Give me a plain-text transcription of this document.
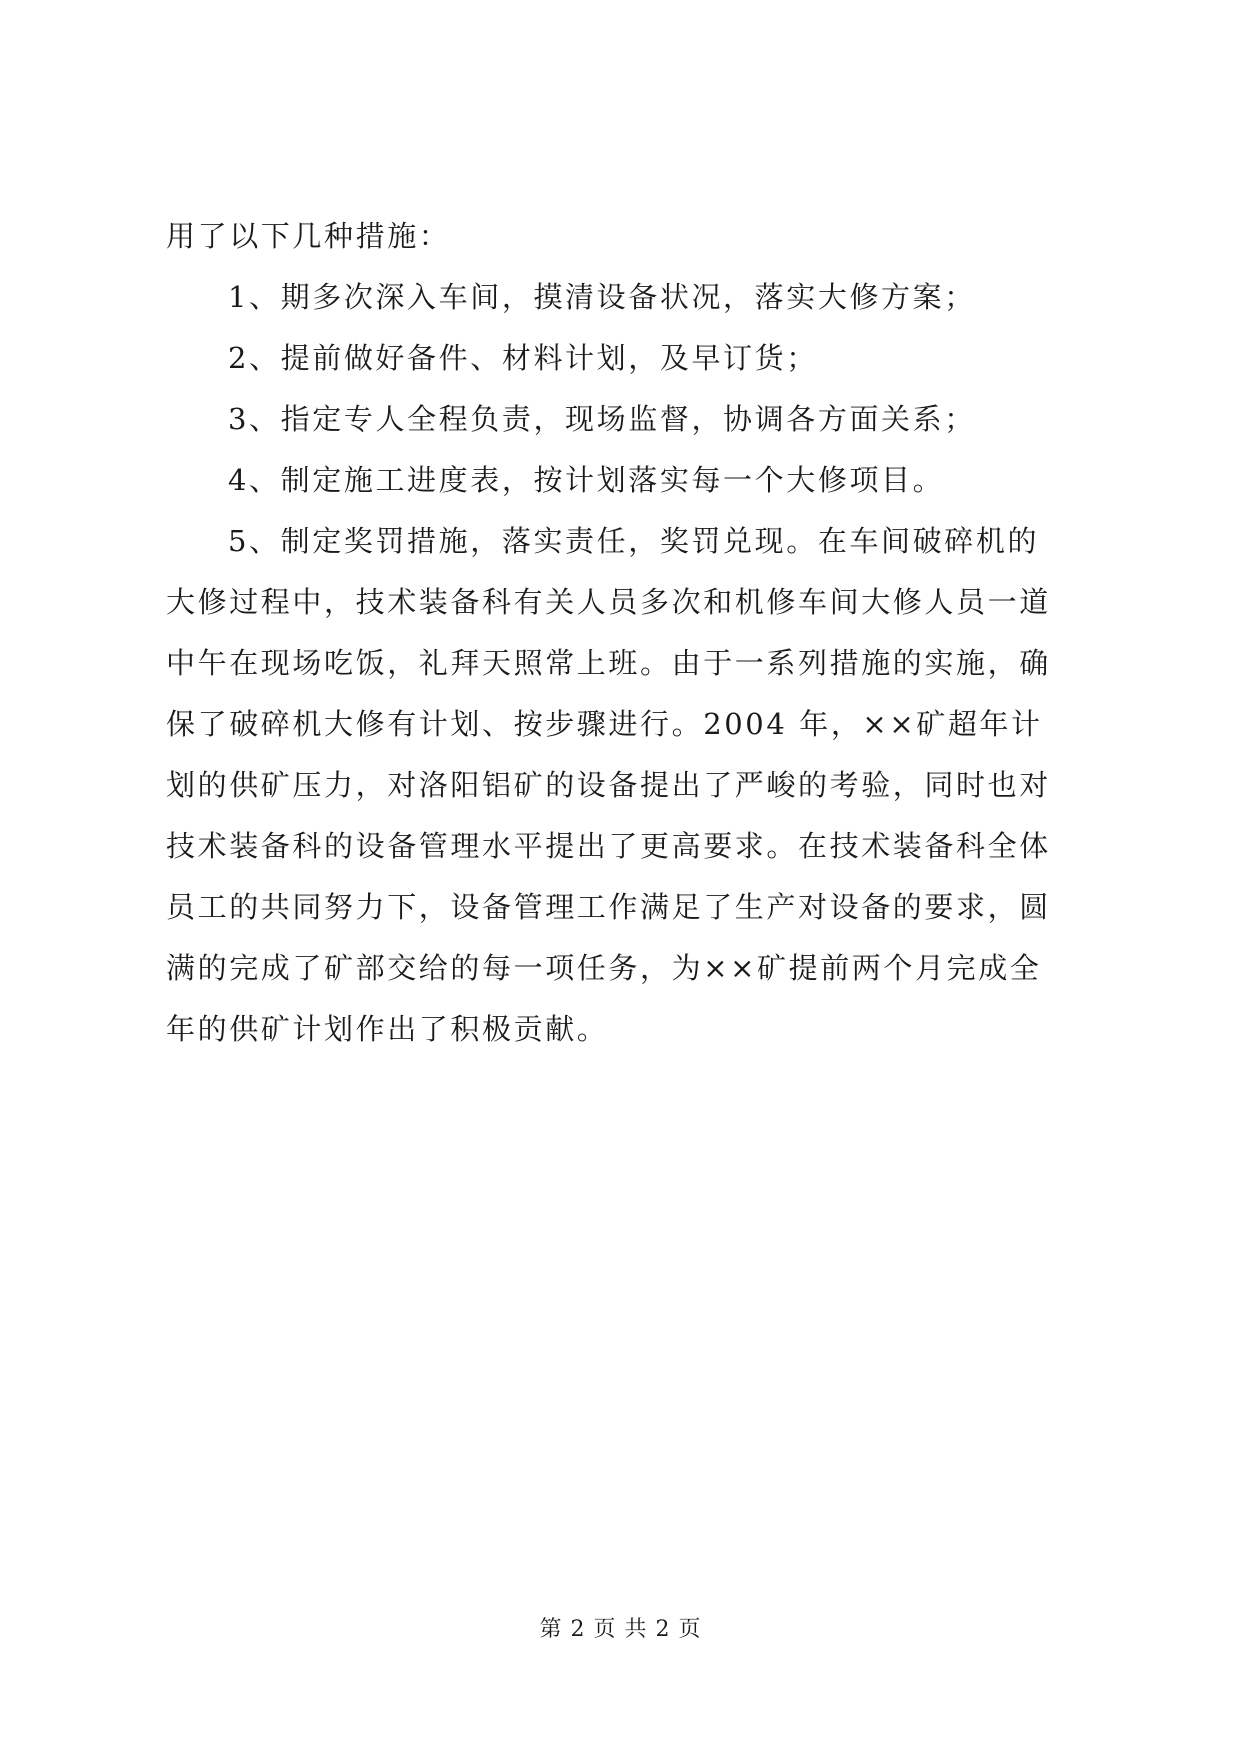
用了以下几种措施：
1、期多次深入车间，摸清设备状况，落实大修方案；
2、提前做好备件、材料计划，及早订货；
3、指定专人全程负责，现场监督，协调各方面关系；
4、制定施工进度表，按计划落实每一个大修项目。
5、制定奖罚措施，落实责任，奖罚兑现。在车间破碎机的
大修过程中，技术装备科有关人员多次和机修车间大修人员一道
中午在现场吃饭，礼拜天照常上班。由于一系列措施的实施，确
保了破碎机大修有计划、按步骤进行。2004 年，××矿超年计
划的供矿压力，对洛阳铝矿的设备提出了严峻的考验，同时也对
技术装备科的设备管理水平提出了更高要求。在技术装备科全体
员工的共同努力下，设备管理工作满足了生产对设备的要求，圆
满的完成了矿部交给的每一项任务，为××矿提前两个月完成全
年的供矿计划作出了积极贡献。
第 2 页 共 2 页
